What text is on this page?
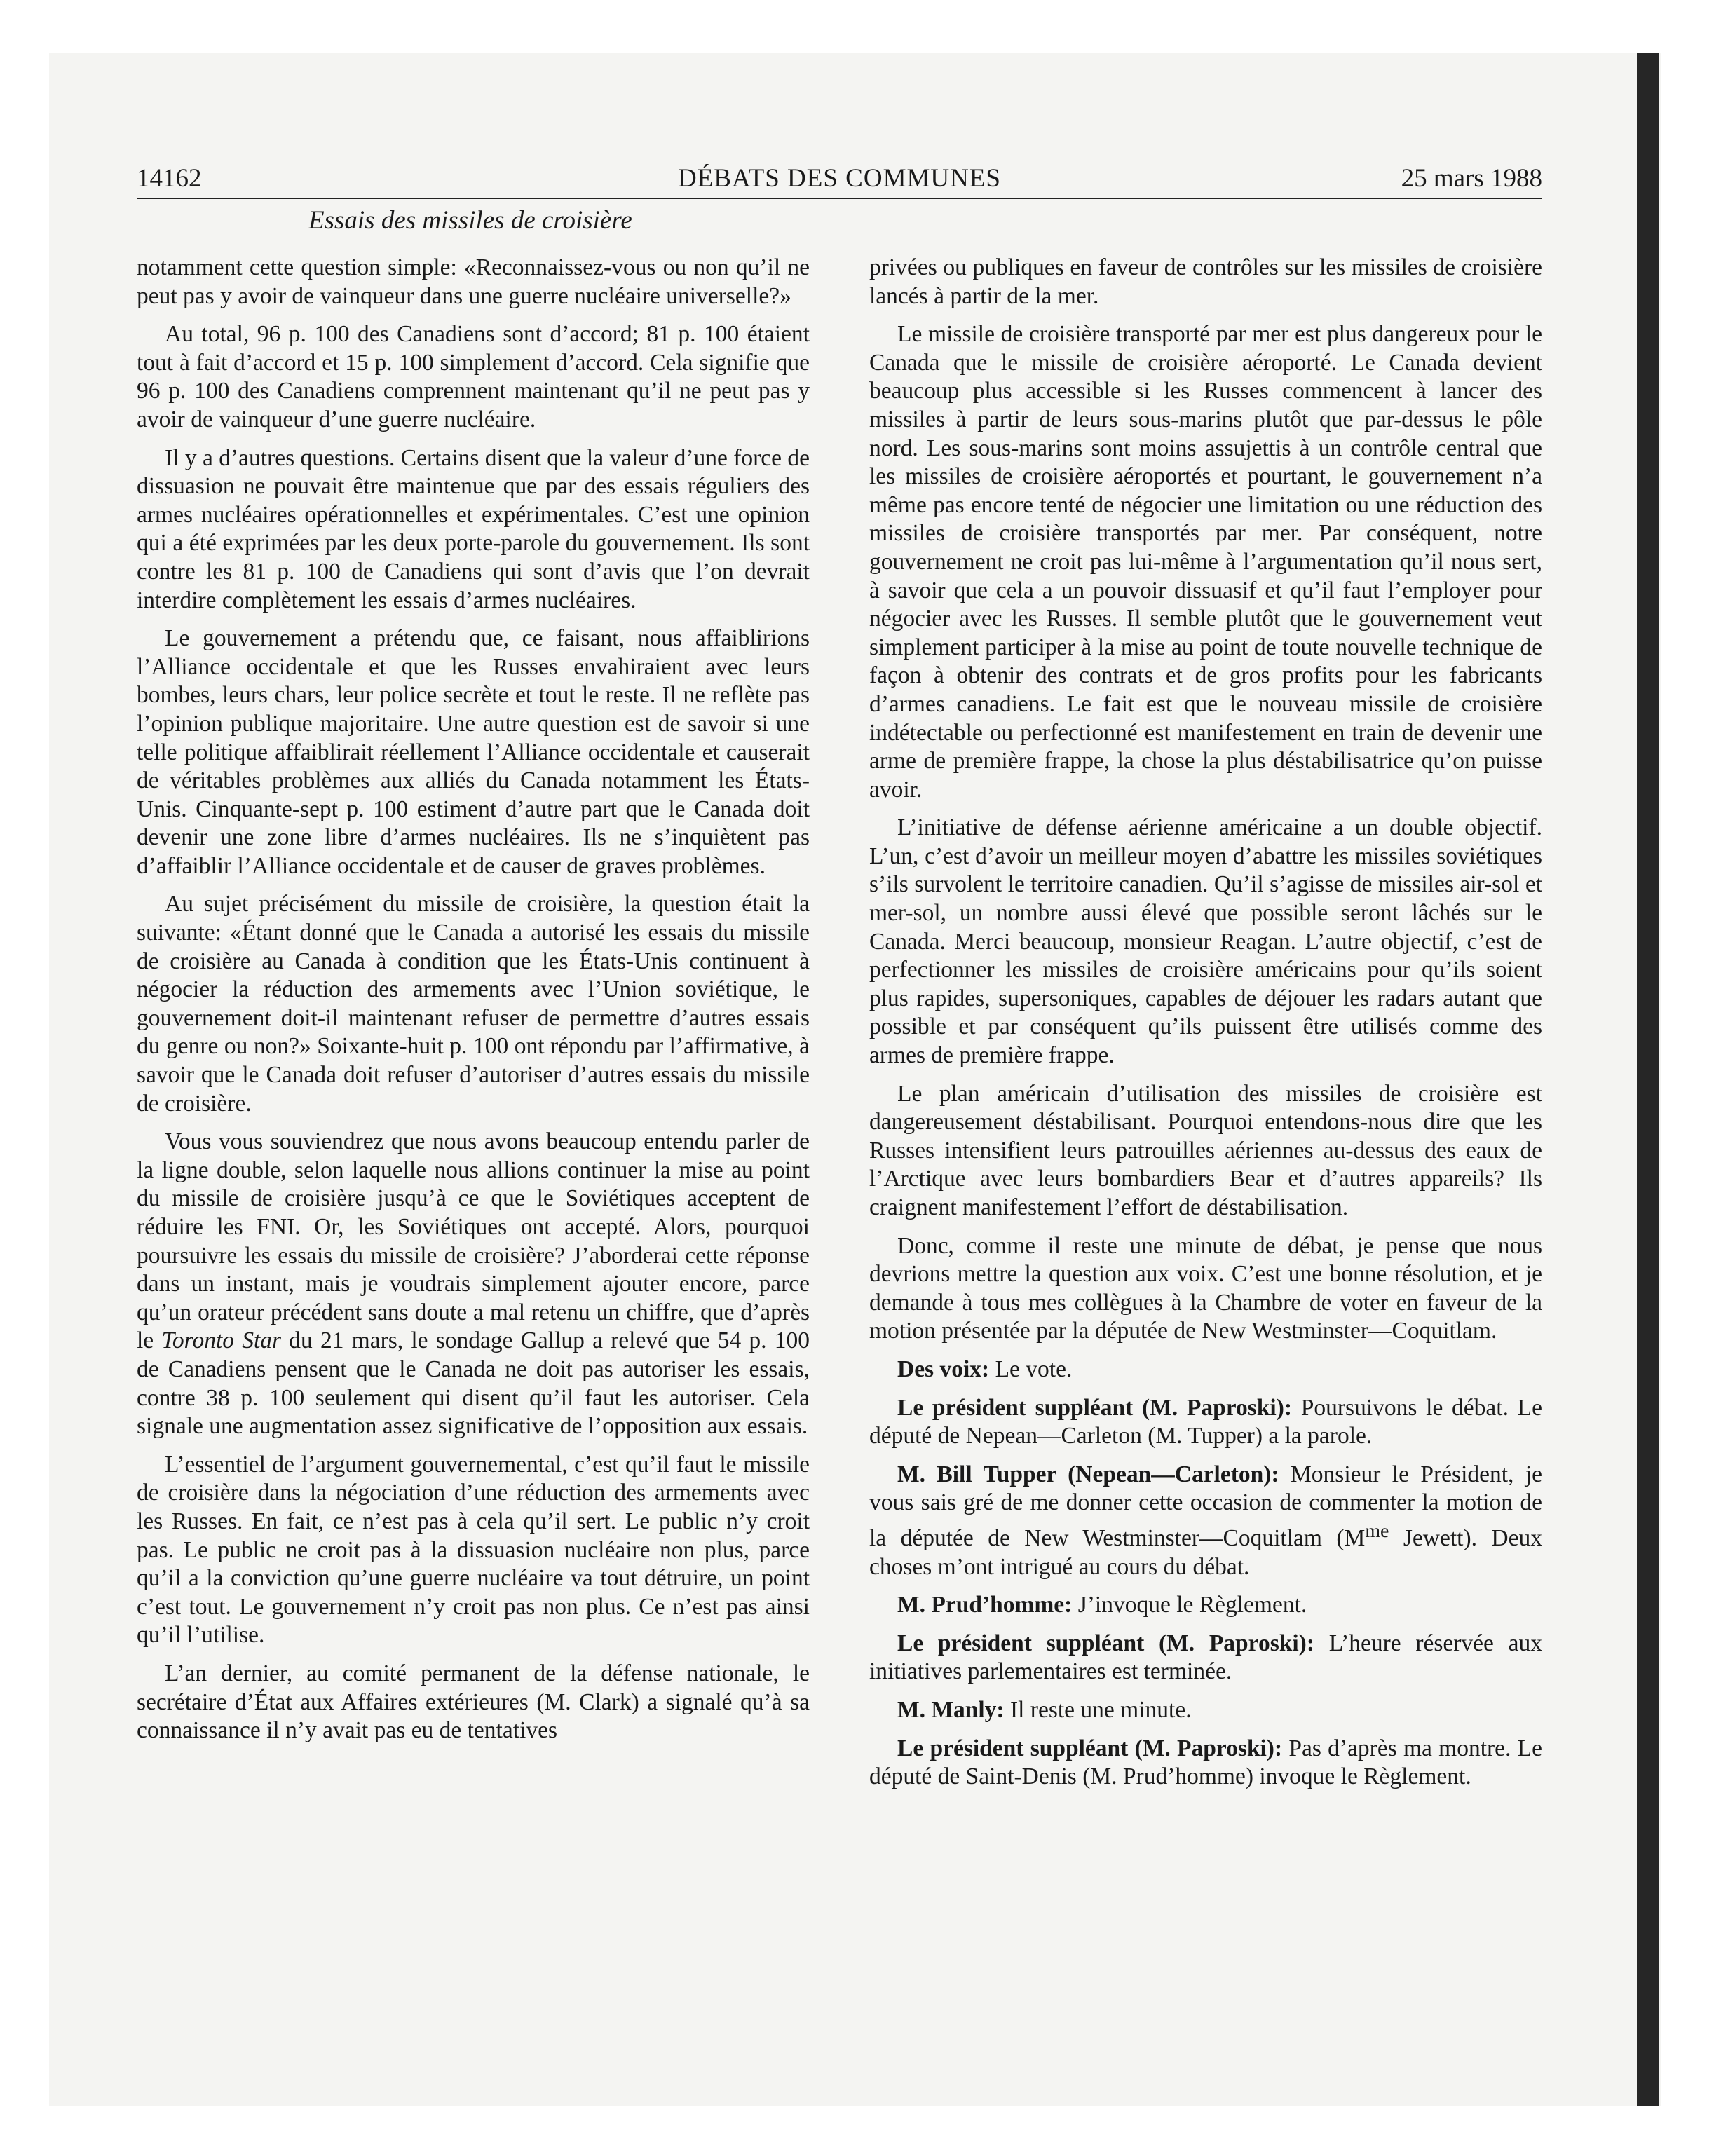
14162	DÉBATS DES COMMUNES	25 mars 1988
Essais des missiles de croisière

notamment cette question simple: «Reconnaissez-vous ou non qu’il ne peut pas y avoir de vainqueur dans une guerre nucléaire universelle?»

Au total, 96 p. 100 des Canadiens sont d’accord; 81 p. 100 étaient tout à fait d’accord et 15 p. 100 simplement d’accord. Cela signifie que 96 p. 100 des Canadiens comprennent maintenant qu’il ne peut pas y avoir de vainqueur d’une guerre nucléaire.

Il y a d’autres questions. Certains disent que la valeur d’une force de dissuasion ne pouvait être maintenue que par des essais réguliers des armes nucléaires opérationnelles et expérimentales. C’est une opinion qui a été exprimées par les deux porte-parole du gouvernement. Ils sont contre les 81 p. 100 de Canadiens qui sont d’avis que l’on devrait interdire complètement les essais d’armes nucléaires.

Le gouvernement a prétendu que, ce faisant, nous affaiblirions l’Alliance occidentale et que les Russes envahiraient avec leurs bombes, leurs chars, leur police secrète et tout le reste. Il ne reflète pas l’opinion publique majoritaire. Une autre question est de savoir si une telle politique affaiblirait réellement l’Alliance occidentale et causerait de véritables problèmes aux alliés du Canada notamment les États-Unis. Cinquante-sept p. 100 estiment d’autre part que le Canada doit devenir une zone libre d’armes nucléaires. Ils ne s’inquiètent pas d’affaiblir l’Alliance occidentale et de causer de graves problèmes.

Au sujet précisément du missile de croisière, la question était la suivante: «Étant donné que le Canada a autorisé les essais du missile de croisière au Canada à condition que les États-Unis continuent à négocier la réduction des armements avec l’Union soviétique, le gouvernement doit-il maintenant refuser de permettre d’autres essais du genre ou non?» Soixante-huit p. 100 ont répondu par l’affirmative, à savoir que le Canada doit refuser d’autoriser d’autres essais du missile de croisière.

Vous vous souviendrez que nous avons beaucoup entendu parler de la ligne double, selon laquelle nous allions continuer la mise au point du missile de croisière jusqu’à ce que le Soviétiques acceptent de réduire les FNI. Or, les Soviétiques ont accepté. Alors, pourquoi poursuivre les essais du missile de croisière? J’aborderai cette réponse dans un instant, mais je voudrais simplement ajouter encore, parce qu’un orateur précédent sans doute a mal retenu un chiffre, que d’après le Toronto Star du 21 mars, le sondage Gallup a relevé que 54 p. 100 de Canadiens pensent que le Canada ne doit pas autoriser les essais, contre 38 p. 100 seulement qui disent qu’il faut les autoriser. Cela signale une augmentation assez significative de l’opposition aux essais.

L’essentiel de l’argument gouvernemental, c’est qu’il faut le missile de croisière dans la négociation d’une réduction des armements avec les Russes. En fait, ce n’est pas à cela qu’il sert. Le public n’y croit pas. Le public ne croit pas à la dissuasion nucléaire non plus, parce qu’il a la conviction qu’une guerre nucléaire va tout détruire, un point c’est tout. Le gouvernement n’y croit pas non plus. Ce n’est pas ainsi qu’il l’utilise.

L’an dernier, au comité permanent de la défense nationale, le secrétaire d’État aux Affaires extérieures (M. Clark) a signalé qu’à sa connaissance il n’y avait pas eu de tentatives

privées ou publiques en faveur de contrôles sur les missiles de croisière lancés à partir de la mer.

Le missile de croisière transporté par mer est plus dangereux pour le Canada que le missile de croisière aéroporté. Le Canada devient beaucoup plus accessible si les Russes commencent à lancer des missiles à partir de leurs sous-marins plutôt que par-dessus le pôle nord. Les sous-marins sont moins assujettis à un contrôle central que les missiles de croisière aéroportés et pourtant, le gouvernement n’a même pas encore tenté de négocier une limitation ou une réduction des missiles de croisière transportés par mer. Par conséquent, notre gouvernement ne croit pas lui-même à l’argumentation qu’il nous sert, à savoir que cela a un pouvoir dissuasif et qu’il faut l’employer pour négocier avec les Russes. Il semble plutôt que le gouvernement veut simplement participer à la mise au point de toute nouvelle technique de façon à obtenir des contrats et de gros profits pour les fabricants d’armes canadiens. Le fait est que le nouveau missile de croisière indétectable ou perfectionné est manifestement en train de devenir une arme de première frappe, la chose la plus déstabilisatrice qu’on puisse avoir.

L’initiative de défense aérienne américaine a un double objectif. L’un, c’est d’avoir un meilleur moyen d’abattre les missiles soviétiques s’ils survolent le territoire canadien. Qu’il s’agisse de missiles air-sol et mer-sol, un nombre aussi élevé que possible seront lâchés sur le Canada. Merci beaucoup, monsieur Reagan. L’autre objectif, c’est de perfectionner les missiles de croisière américains pour qu’ils soient plus rapides, supersoniques, capables de déjouer les radars autant que possible et par conséquent qu’ils puissent être utilisés comme des armes de première frappe.

Le plan américain d’utilisation des missiles de croisière est dangereusement déstabilisant. Pourquoi entendons-nous dire que les Russes intensifient leurs patrouilles aériennes au-dessus des eaux de l’Arctique avec leurs bombardiers Bear et d’autres appareils? Ils craignent manifestement l’effort de déstabilisation.

Donc, comme il reste une minute de débat, je pense que nous devrions mettre la question aux voix. C’est une bonne résolution, et je demande à tous mes collègues à la Chambre de voter en faveur de la motion présentée par la députée de New Westminster—Coquitlam.

Des voix: Le vote.

Le président suppléant (M. Paproski): Poursuivons le débat. Le député de Nepean—Carleton (M. Tupper) a la parole.

M. Bill Tupper (Nepean—Carleton): Monsieur le Président, je vous sais gré de me donner cette occasion de commenter la motion de la députée de New Westminster—Coquitlam ($M^{me}$ Jewett). Deux choses m’ont intrigué au cours du débat.

M. Prud’homme: J’invoque le Règlement.

Le président suppléant (M. Paproski): L’heure réservée aux initiatives parlementaires est terminée.

M. Manly: Il reste une minute.

Le président suppléant (M. Paproski): Pas d’après ma montre. Le député de Saint-Denis (M. Prud’homme) invoque le Règlement.
